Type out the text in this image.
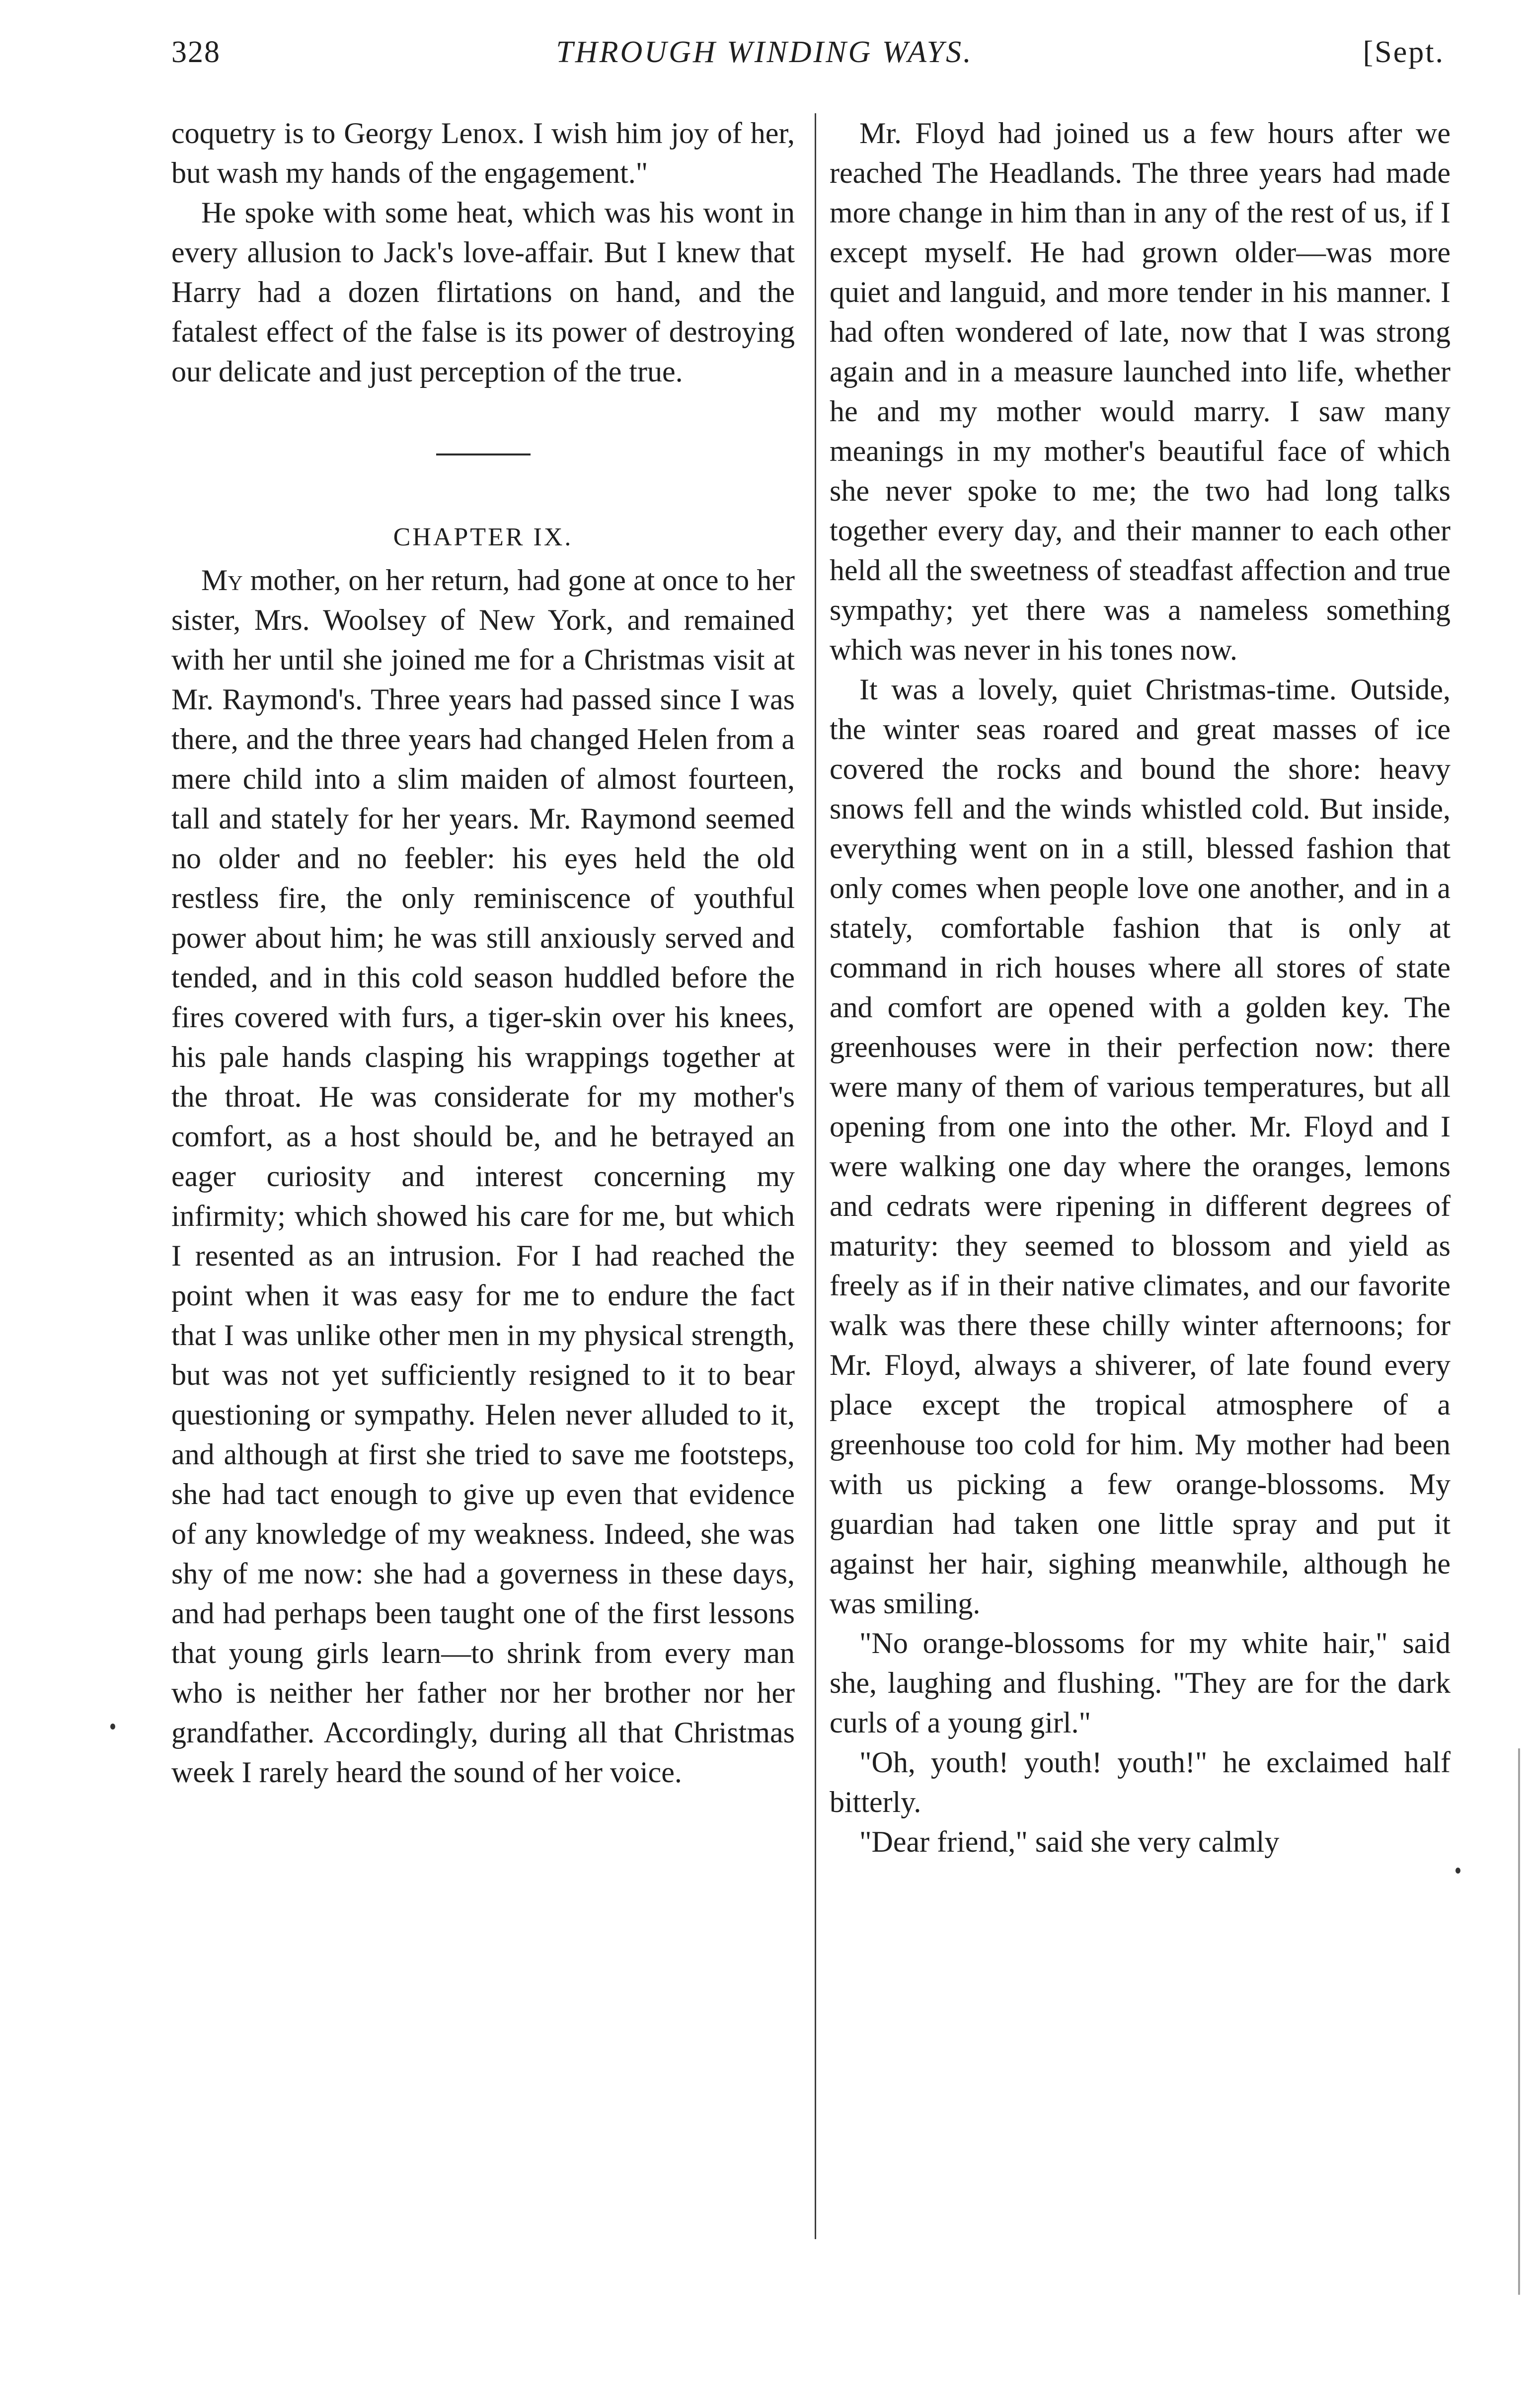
328	THROUGH WINDING WAYS.	[Sept.

coquetry is to Georgy Lenox. I wish him joy of her, but wash my hands of the engagement."

He spoke with some heat, which was his wont in every allusion to Jack's love-affair. But I knew that Harry had a dozen flirtations on hand, and the fatalest effect of the false is its power of destroying our delicate and just perception of the true.

CHAPTER IX.

My mother, on her return, had gone at once to her sister, Mrs. Woolsey of New York, and remained with her until she joined me for a Christmas visit at Mr. Raymond's. Three years had passed since I was there, and the three years had changed Helen from a mere child into a slim maiden of almost fourteen, tall and stately for her years. Mr. Raymond seemed no older and no feebler: his eyes held the old restless fire, the only reminiscence of youthful power about him; he was still anxiously served and tended, and in this cold season huddled before the fires covered with furs, a tiger-skin over his knees, his pale hands clasping his wrappings together at the throat. He was considerate for my mother's comfort, as a host should be, and he betrayed an eager curiosity and interest concerning my infirmity; which showed his care for me, but which I resented as an intrusion. For I had reached the point when it was easy for me to endure the fact that I was unlike other men in my physical strength, but was not yet sufficiently resigned to it to bear questioning or sympathy. Helen never alluded to it, and although at first she tried to save me footsteps, she had tact enough to give up even that evidence of any knowledge of my weakness. Indeed, she was shy of me now: she had a governess in these days, and had perhaps been taught one of the first lessons that young girls learn—to shrink from every man who is neither her father nor her brother nor her grandfather. Accordingly, during all that Christmas week I rarely heard the sound of her voice.

Mr. Floyd had joined us a few hours after we reached The Headlands. The three years had made more change in him than in any of the rest of us, if I except myself. He had grown older—was more quiet and languid, and more tender in his manner. I had often wondered of late, now that I was strong again and in a measure launched into life, whether he and my mother would marry. I saw many meanings in my mother's beautiful face of which she never spoke to me; the two had long talks together every day, and their manner to each other held all the sweetness of steadfast affection and true sympathy; yet there was a nameless something which was never in his tones now.

It was a lovely, quiet Christmas-time. Outside, the winter seas roared and great masses of ice covered the rocks and bound the shore: heavy snows fell and the winds whistled cold. But inside, everything went on in a still, blessed fashion that only comes when people love one another, and in a stately, comfortable fashion that is only at command in rich houses where all stores of state and comfort are opened with a golden key. The greenhouses were in their perfection now: there were many of them of various temperatures, but all opening from one into the other. Mr. Floyd and I were walking one day where the oranges, lemons and cedrats were ripening in different degrees of maturity: they seemed to blossom and yield as freely as if in their native climates, and our favorite walk was there these chilly winter afternoons; for Mr. Floyd, always a shiverer, of late found every place except the tropical atmosphere of a greenhouse too cold for him. My mother had been with us picking a few orange-blossoms. My guardian had taken one little spray and put it against her hair, sighing meanwhile, although he was smiling.

"No orange-blossoms for my white hair," said she, laughing and flushing. "They are for the dark curls of a young girl."

"Oh, youth! youth! youth!" he exclaimed half bitterly.

"Dear friend," said she very calmly
